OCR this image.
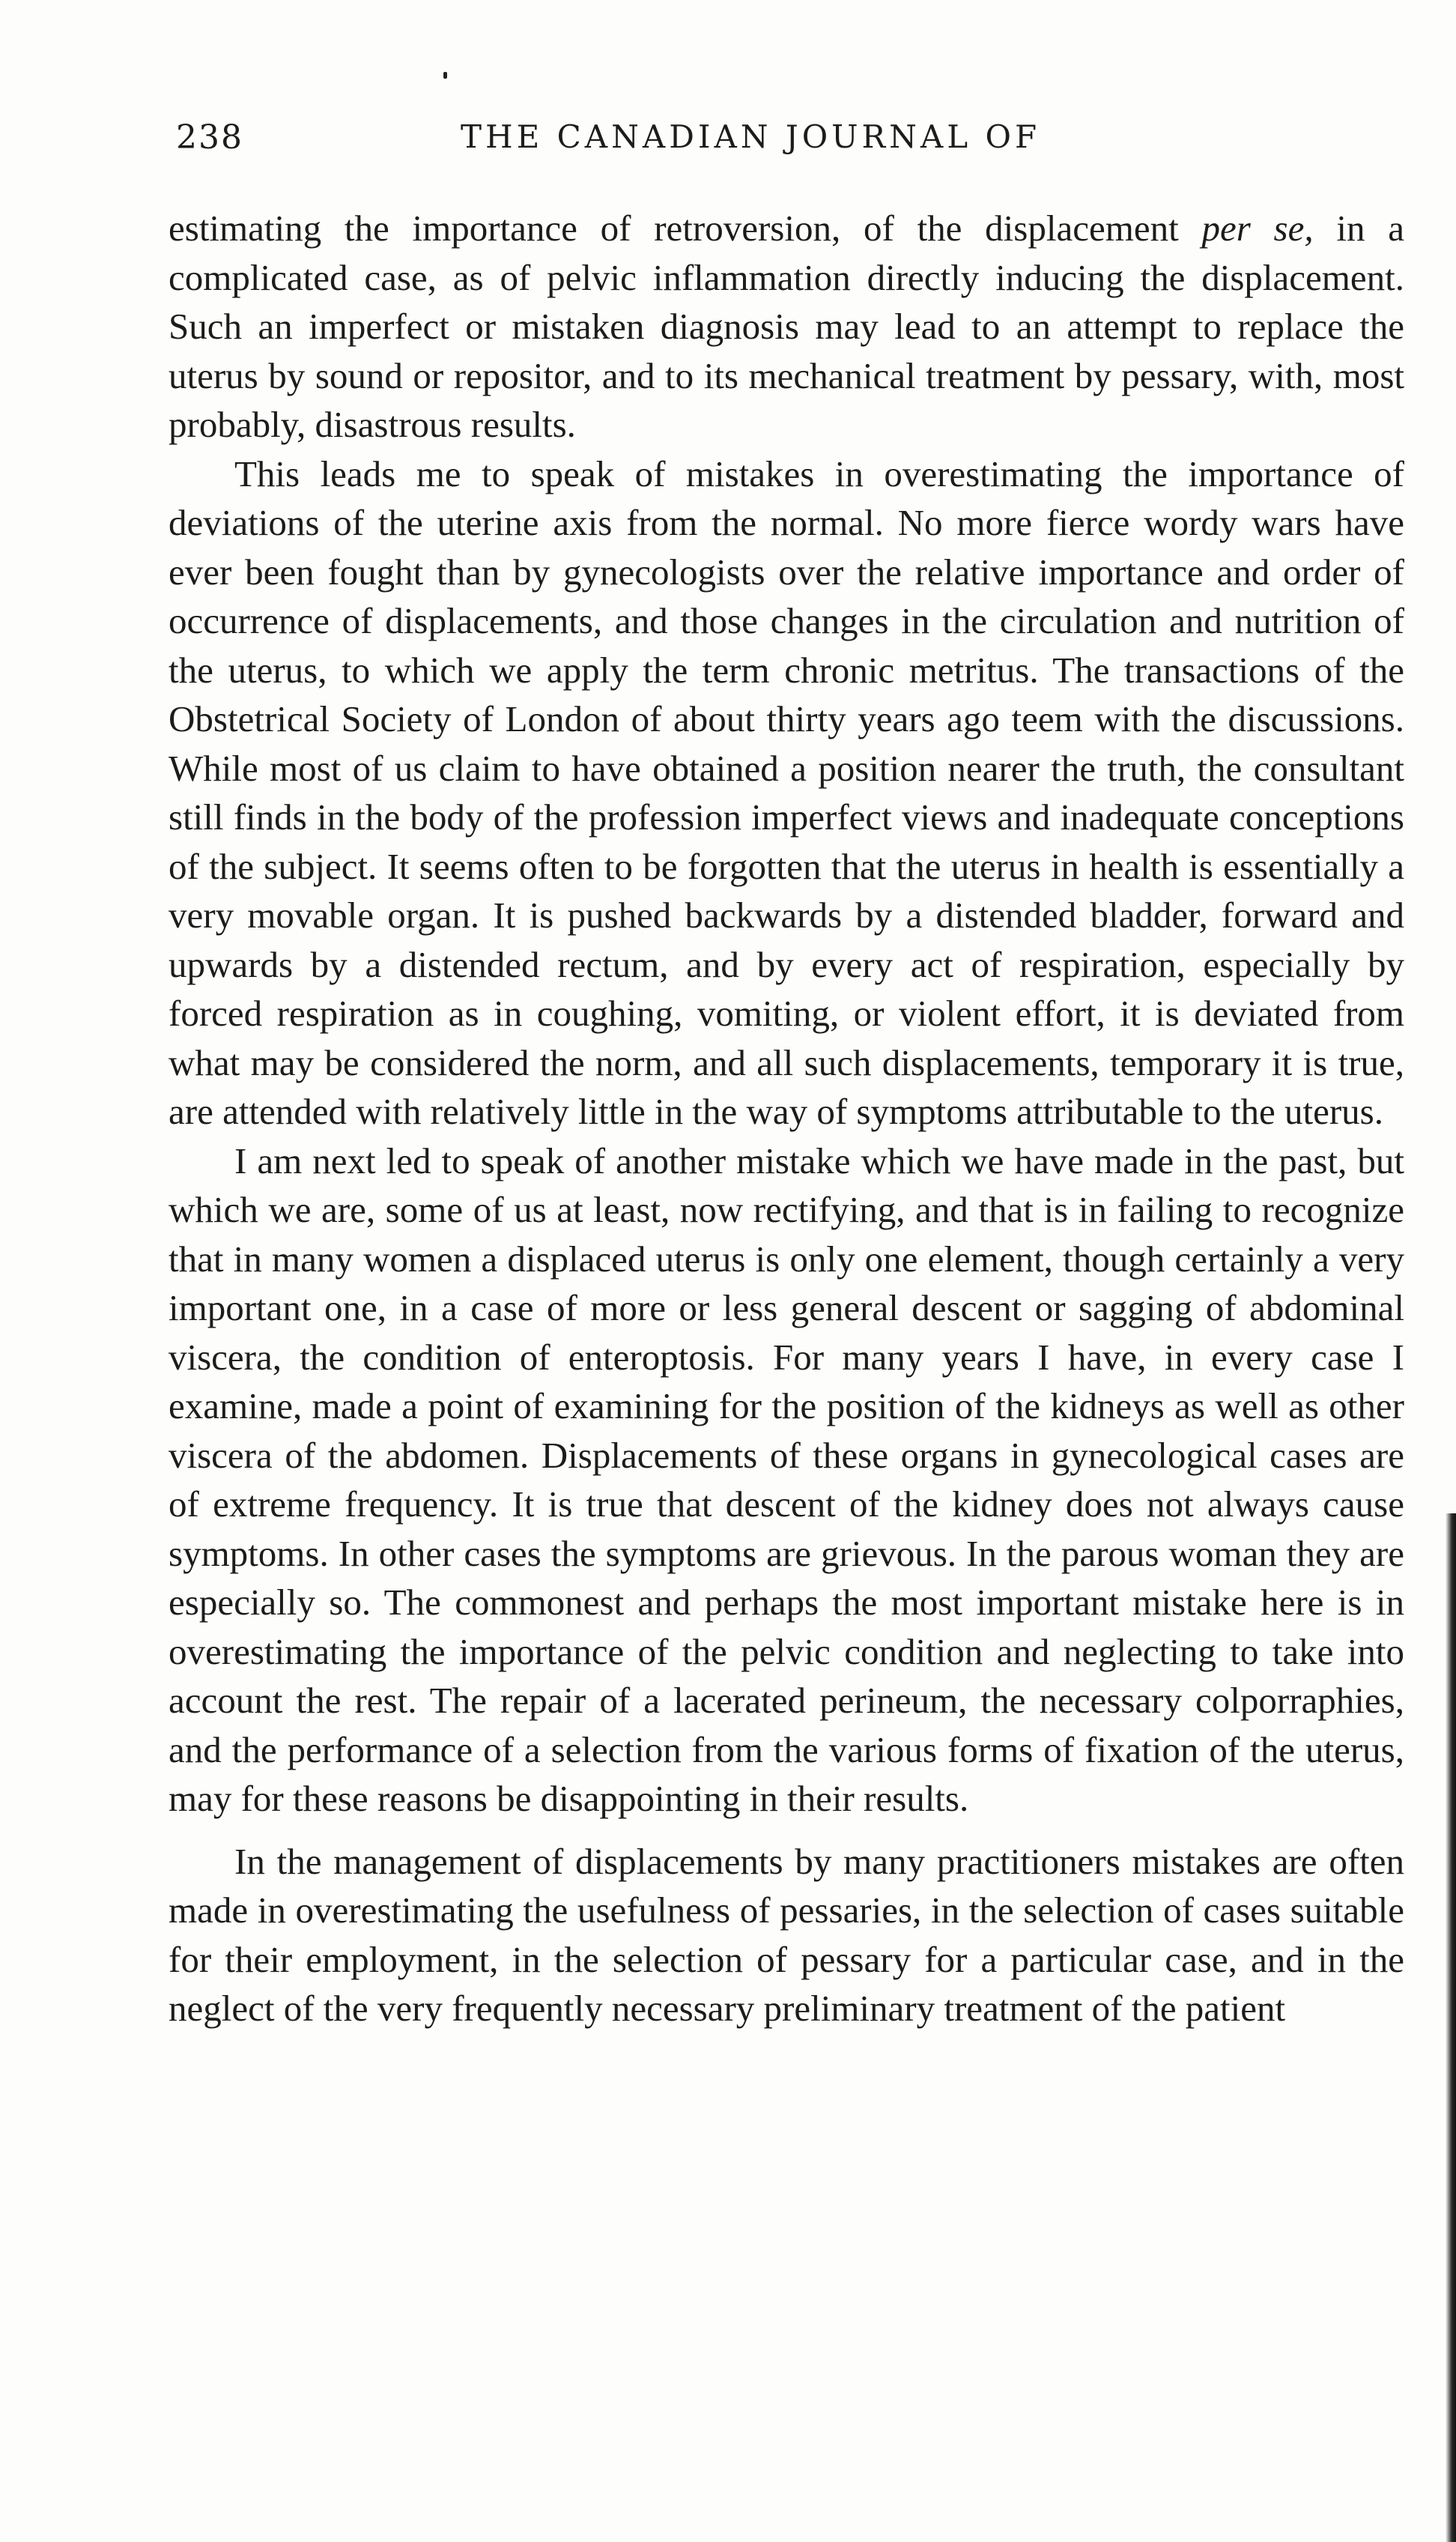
238	THE CANADIAN JOURNAL OF

estimating the importance of retroversion, of the displacement per se, in a complicated case, as of pelvic inflammation directly inducing the displacement. Such an imperfect or mistaken diagnosis may lead to an attempt to replace the uterus by sound or repositor, and to its mechanical treatment by pessary, with, most probably, disastrous results.

This leads me to speak of mistakes in overestimating the importance of deviations of the uterine axis from the normal. No more fierce wordy wars have ever been fought than by gynecologists over the relative importance and order of occurrence of displacements, and those changes in the circulation and nutrition of the uterus, to which we apply the term chronic metritus. The transactions of the Obstetrical Society of London of about thirty years ago teem with the discussions. While most of us claim to have obtained a position nearer the truth, the consultant still finds in the body of the profession imperfect views and inadequate conceptions of the subject. It seems often to be forgotten that the uterus in health is essentially a very movable organ. It is pushed backwards by a distended bladder, forward and upwards by a distended rectum, and by every act of respiration, especially by forced respiration as in coughing, vomiting, or violent effort, it is deviated from what may be considered the norm, and all such displacements, temporary it is true, are attended with relatively little in the way of symptoms attributable to the uterus.

I am next led to speak of another mistake which we have made in the past, but which we are, some of us at least, now rectifying, and that is in failing to recognize that in many women a displaced uterus is only one element, though certainly a very important one, in a case of more or less general descent or sagging of abdominal viscera, the condition of enteroptosis. For many years I have, in every case I examine, made a point of examining for the position of the kidneys as well as other viscera of the abdomen. Displacements of these organs in gynecological cases are of extreme frequency. It is true that descent of the kidney does not always cause symptoms. In other cases the symptoms are grievous. In the parous woman they are especially so. The commonest and perhaps the most important mistake here is in overestimating the importance of the pelvic condition and neglecting to take into account the rest. The repair of a lacerated perineum, the necessary colporraphies, and the performance of a selection from the various forms of fixation of the uterus, may for these reasons be disappointing in their results.

In the management of displacements by many practitioners mistakes are often made in overestimating the usefulness of pessaries, in the selection of cases suitable for their employment, in the selection of pessary for a particular case, and in the neglect of the very frequently necessary preliminary treatment of the patient
